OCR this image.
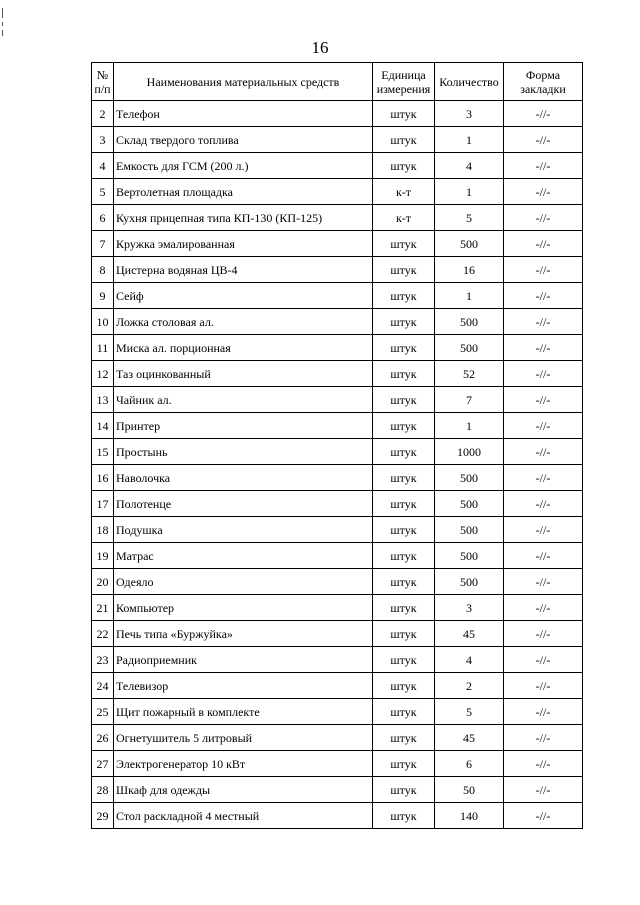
16
№ п/п	Наименования материальных средств	Единица измерения	Количество	Форма закладки
2	Телефон	штук	3	-//-
3	Склад твердого топлива	штук	1	-//-
4	Емкость для ГСМ (200 л.)	штук	4	-//-
5	Вертолетная площадка	к-т	1	-//-
6	Кухня прицепная типа КП-130 (КП-125)	к-т	5	-//-
7	Кружка эмалированная	штук	500	-//-
8	Цистерна водяная ЦВ-4	штук	16	-//-
9	Сейф	штук	1	-//-
10	Ложка столовая ал.	штук	500	-//-
11	Миска ал. порционная	штук	500	-//-
12	Таз оцинкованный	штук	52	-//-
13	Чайник ал.	штук	7	-//-
14	Принтер	штук	1	-//-
15	Простынь	штук	1000	-//-
16	Наволочка	штук	500	-//-
17	Полотенце	штук	500	-//-
18	Подушка	штук	500	-//-
19	Матрас	штук	500	-//-
20	Одеяло	штук	500	-//-
21	Компьютер	штук	3	-//-
22	Печь типа «Буржуйка»	штук	45	-//-
23	Радиоприемник	штук	4	-//-
24	Телевизор	штук	2	-//-
25	Щит пожарный в комплекте	штук	5	-//-
26	Огнетушитель 5 литровый	штук	45	-//-
27	Электрогенератор 10 кВт	штук	6	-//-
28	Шкаф для одежды	штук	50	-//-
29	Стол раскладной 4 местный	штук	140	-//-
